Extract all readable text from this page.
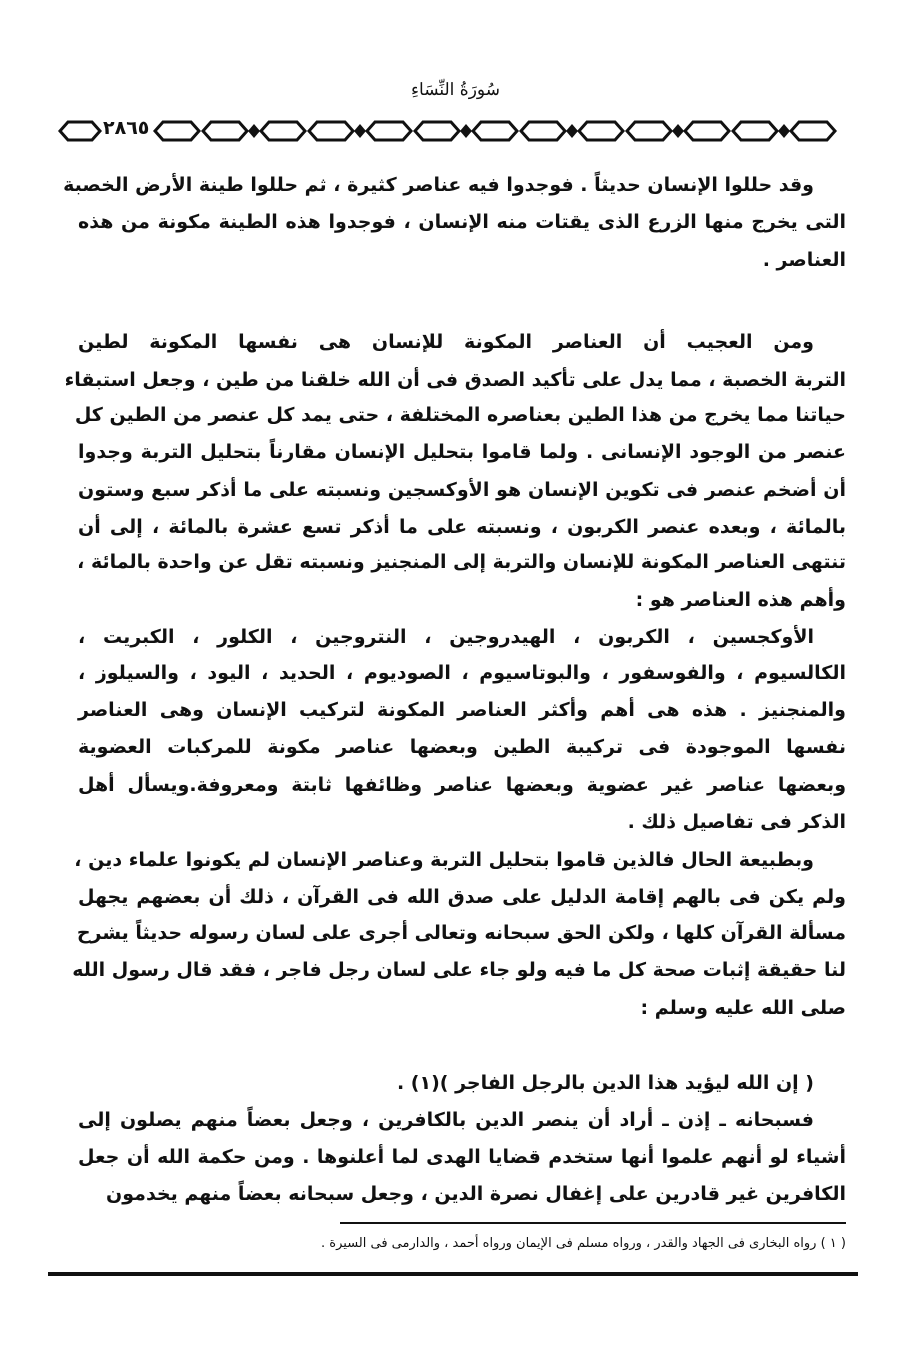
سُورَةُ النِّسَاءِ
٢٨٦٥
وقد حللوا الإنسان حديثاً . فوجدوا فيه عناصر كثيرة ، ثم حللوا طينة الأرض الخصبة
التى يخرج منها الزرع الذى يقتات منه الإنسان ، فوجدوا هذه الطينة مكونة من هذه
العناصر .
ومن العجيب أن العناصر المكونة للإنسان هى نفسها المكونة لطين
التربة الخصبة ، مما يدل على تأكيد الصدق فى أن الله خلقنا من طين ، وجعل استبقاء
حياتنا مما يخرج من هذا الطين بعناصره المختلفة ، حتى يمد كل عنصر من الطين كل
عنصر من الوجود الإنسانى . ولما قاموا بتحليل الإنسان مقارناً بتحليل التربة وجدوا
أن أضخم عنصر فى تكوين الإنسان هو الأوكسجين ونسبته على ما أذكر سبع وستون
بالمائة ، وبعده عنصر الكربون ، ونسبته على ما أذكر تسع عشرة بالمائة ، إلى أن
تنتهى العناصر المكونة للإنسان والتربة إلى المنجنيز ونسبته تقل عن واحدة بالمائة ،
وأهم هذه العناصر هو :
الأوكجسين ، الكربون ، الهيدروجين ، النتروجين ، الكلور ، الكبريت ،
الكالسيوم ، والفوسفور ، والبوتاسيوم ، الصوديوم ، الحديد ، اليود ، والسيلوز ،
والمنجنيز . هذه هى أهم وأكثر العناصر المكونة لتركيب الإنسان وهى العناصر
نفسها الموجودة فى تركيبة الطين وبعضها عناصر مكونة للمركبات العضوية
وبعضها عناصر غير عضوية وبعضها عناصر وظائفها ثابتة ومعروفة.ويسأل أهل
الذكر فى تفاصيل ذلك .
وبطبيعة الحال فالذين قاموا بتحليل التربة وعناصر الإنسان لم يكونوا علماء دين ،
ولم يكن فى بالهم إقامة الدليل على صدق الله فى القرآن ، ذلك أن بعضهم يجهل
مسألة القرآن كلها ، ولكن الحق سبحانه وتعالى أجرى على لسان رسوله حديثاً يشرح
لنا حقيقة إثبات صحة كل ما فيه ولو جاء على لسان رجل فاجر ، فقد قال رسول الله
صلى الله عليه وسلم :
( إن الله ليؤيد هذا الدين بالرجل الفاجر )(١) .
فسبحانه ـ إذن ـ أراد أن ينصر الدين بالكافرين ، وجعل بعضاً منهم يصلون إلى
أشياء لو أنهم علموا أنها ستخدم قضايا الهدى لما أعلنوها . ومن حكمة الله أن جعل
الكافرين غير قادرين على إغفال نصرة الدين ، وجعل سبحانه بعضاً منهم يخدمون
( ١ ) رواه البخارى فى الجهاد والقدر ، ورواه مسلم فى الإيمان ورواه أحمد ، والدارمى فى السيرة .
